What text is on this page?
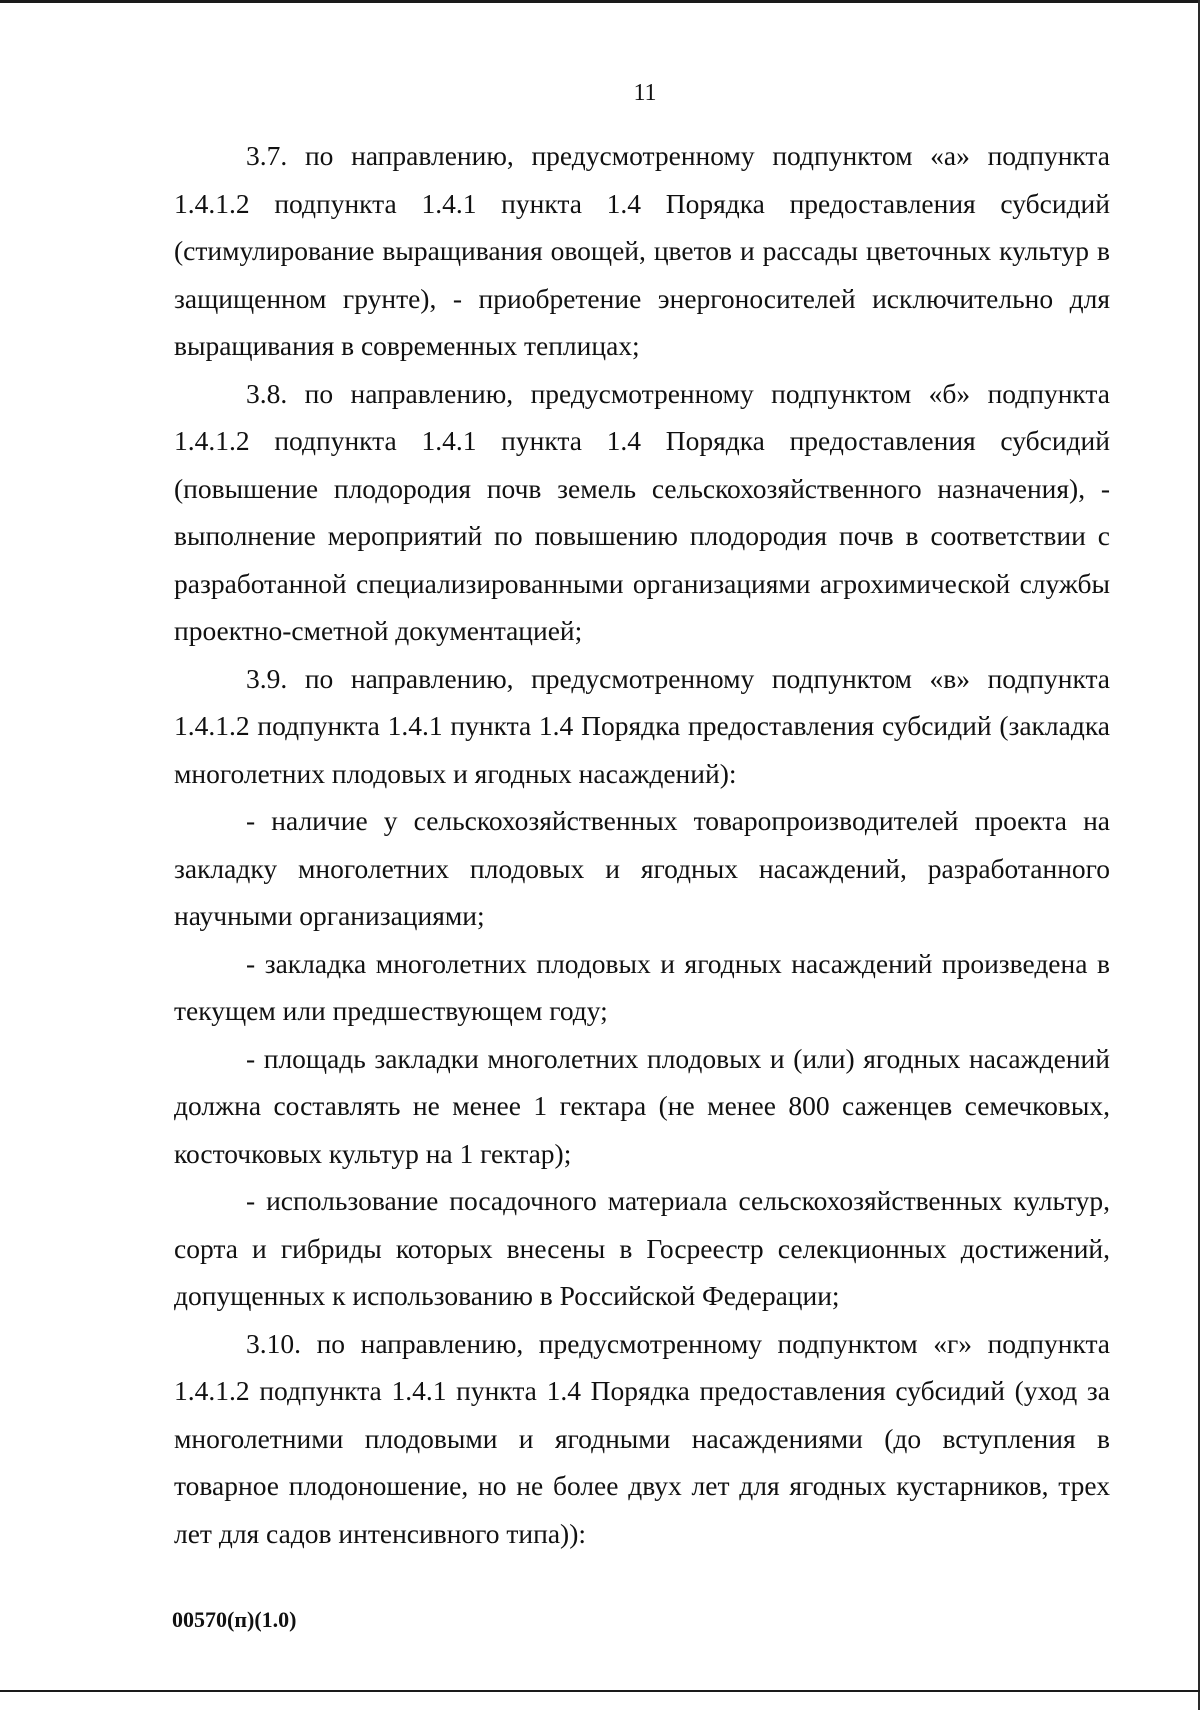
11

3.7. по направлению, предусмотренному подпунктом «а» подпункта 1.4.1.2 подпункта 1.4.1 пункта 1.4 Порядка предоставления субсидий (стимулирование выращивания овощей, цветов и рассады цветочных культур в защищенном грунте), - приобретение энергоносителей исключительно для выращивания в современных теплицах;

3.8. по направлению, предусмотренному подпунктом «б» подпункта 1.4.1.2 подпункта 1.4.1 пункта 1.4 Порядка предоставления субсидий (повышение плодородия почв земель сельскохозяйственного назначения), - выполнение мероприятий по повышению плодородия почв в соответствии с разработанной специализированными организациями агрохимической службы проектно-сметной документацией;

3.9. по направлению, предусмотренному подпунктом «в» подпункта 1.4.1.2 подпункта 1.4.1 пункта 1.4 Порядка предоставления субсидий (закладка многолетних плодовых и ягодных насаждений):

- наличие у сельскохозяйственных товаропроизводителей проекта на закладку многолетних плодовых и ягодных насаждений, разработанного научными организациями;

- закладка многолетних плодовых и ягодных насаждений произведена в текущем или предшествующем году;

- площадь закладки многолетних плодовых и (или) ягодных насаждений должна составлять не менее 1 гектара (не менее 800 саженцев семечковых, косточковых культур на 1 гектар);

- использование посадочного материала сельскохозяйственных культур, сорта и гибриды которых внесены в Госреестр селекционных достижений, допущенных к использованию в Российской Федерации;

3.10. по направлению, предусмотренному подпунктом «г» подпункта 1.4.1.2 подпункта 1.4.1 пункта 1.4 Порядка предоставления субсидий (уход за многолетними плодовыми и ягодными насаждениями (до вступления в товарное плодоношение, но не более двух лет для ягодных кустарников, трех лет для садов интенсивного типа)):

00570(п)(1.0)
